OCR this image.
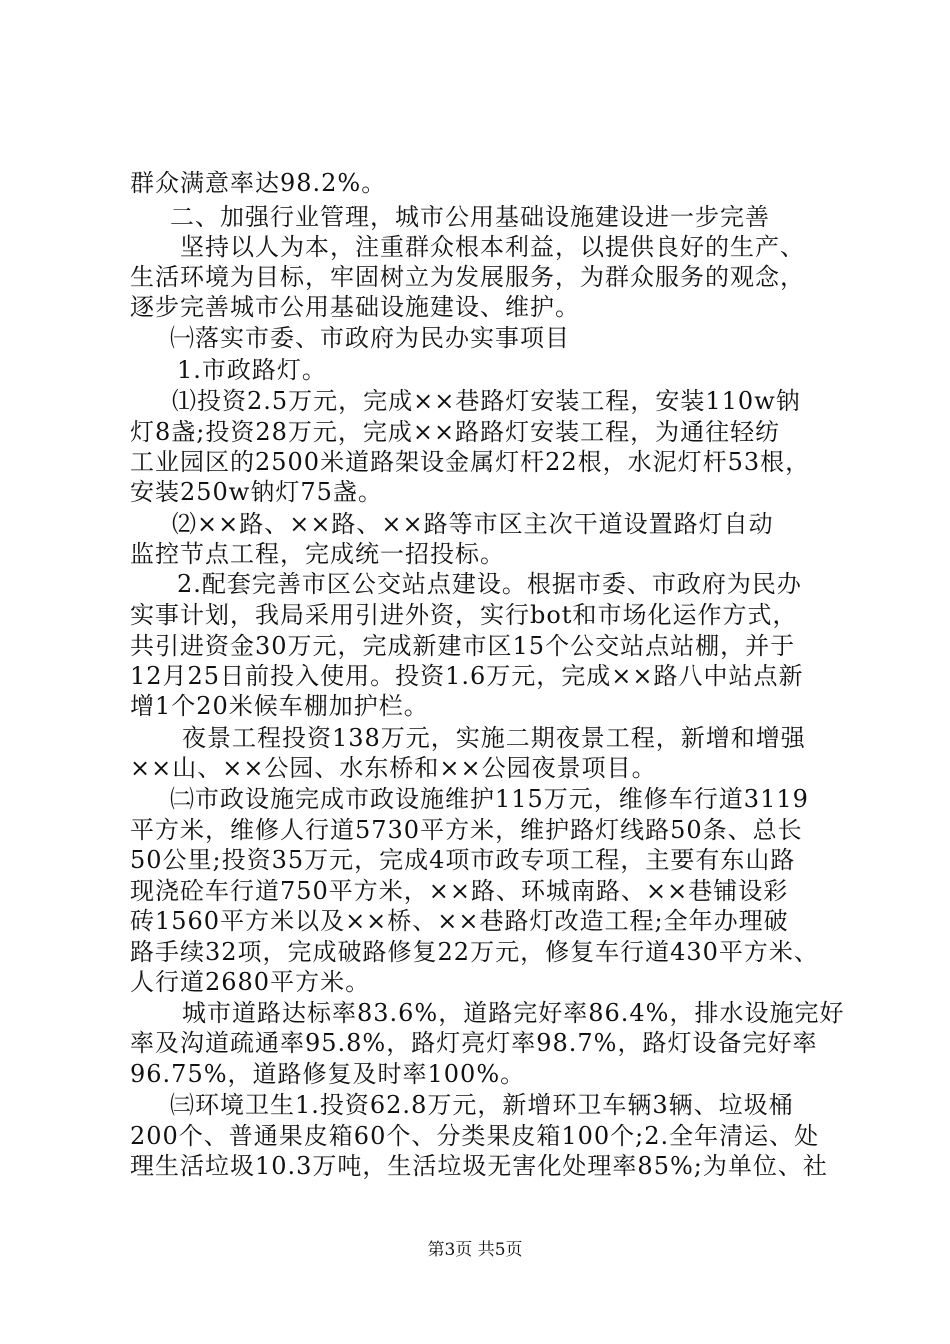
群众满意率达98.2%。
二、加强行业管理，城市公用基础设施建设进一步完善
坚持以人为本，注重群众根本利益，以提供良好的生产、
生活环境为目标，牢固树立为发展服务，为群众服务的观念，
逐步完善城市公用基础设施建设、维护。
㈠落实市委、市政府为民办实事项目
1.市政路灯。
⑴投资2.5万元，完成××巷路灯安装工程，安装110w钠
灯8盏;投资28万元，完成××路路灯安装工程，为通往轻纺
工业园区的2500米道路架设金属灯杆22根，水泥灯杆53根，
安装250w钠灯75盏。
⑵××路、××路、××路等市区主次干道设置路灯自动
监控节点工程，完成统一招投标。
2.配套完善市区公交站点建设。根据市委、市政府为民办
实事计划，我局采用引进外资，实行bot和市场化运作方式，
共引进资金30万元，完成新建市区15个公交站点站棚，并于
12月25日前投入使用。投资1.6万元，完成××路八中站点新
增1个20米候车棚加护栏。
夜景工程投资138万元，实施二期夜景工程，新增和增强
××山、××公园、水东桥和××公园夜景项目。
㈡市政设施完成市政设施维护115万元，维修车行道3119
平方米，维修人行道5730平方米，维护路灯线路50条、总长
50公里;投资35万元，完成4项市政专项工程，主要有东山路
现浇砼车行道750平方米，××路、环城南路、××巷铺设彩
砖1560平方米以及××桥、××巷路灯改造工程;全年办理破
路手续32项，完成破路修复22万元，修复车行道430平方米、
人行道2680平方米。
城市道路达标率83.6%，道路完好率86.4%，排水设施完好
率及沟道疏通率95.8%，路灯亮灯率98.7%，路灯设备完好率
96.75%，道路修复及时率100%。
㈢环境卫生1.投资62.8万元，新增环卫车辆3辆、垃圾桶
200个、普通果皮箱60个、分类果皮箱100个;2.全年清运、处
理生活垃圾10.3万吨，生活垃圾无害化处理率85%;为单位、社
第3页 共5页
